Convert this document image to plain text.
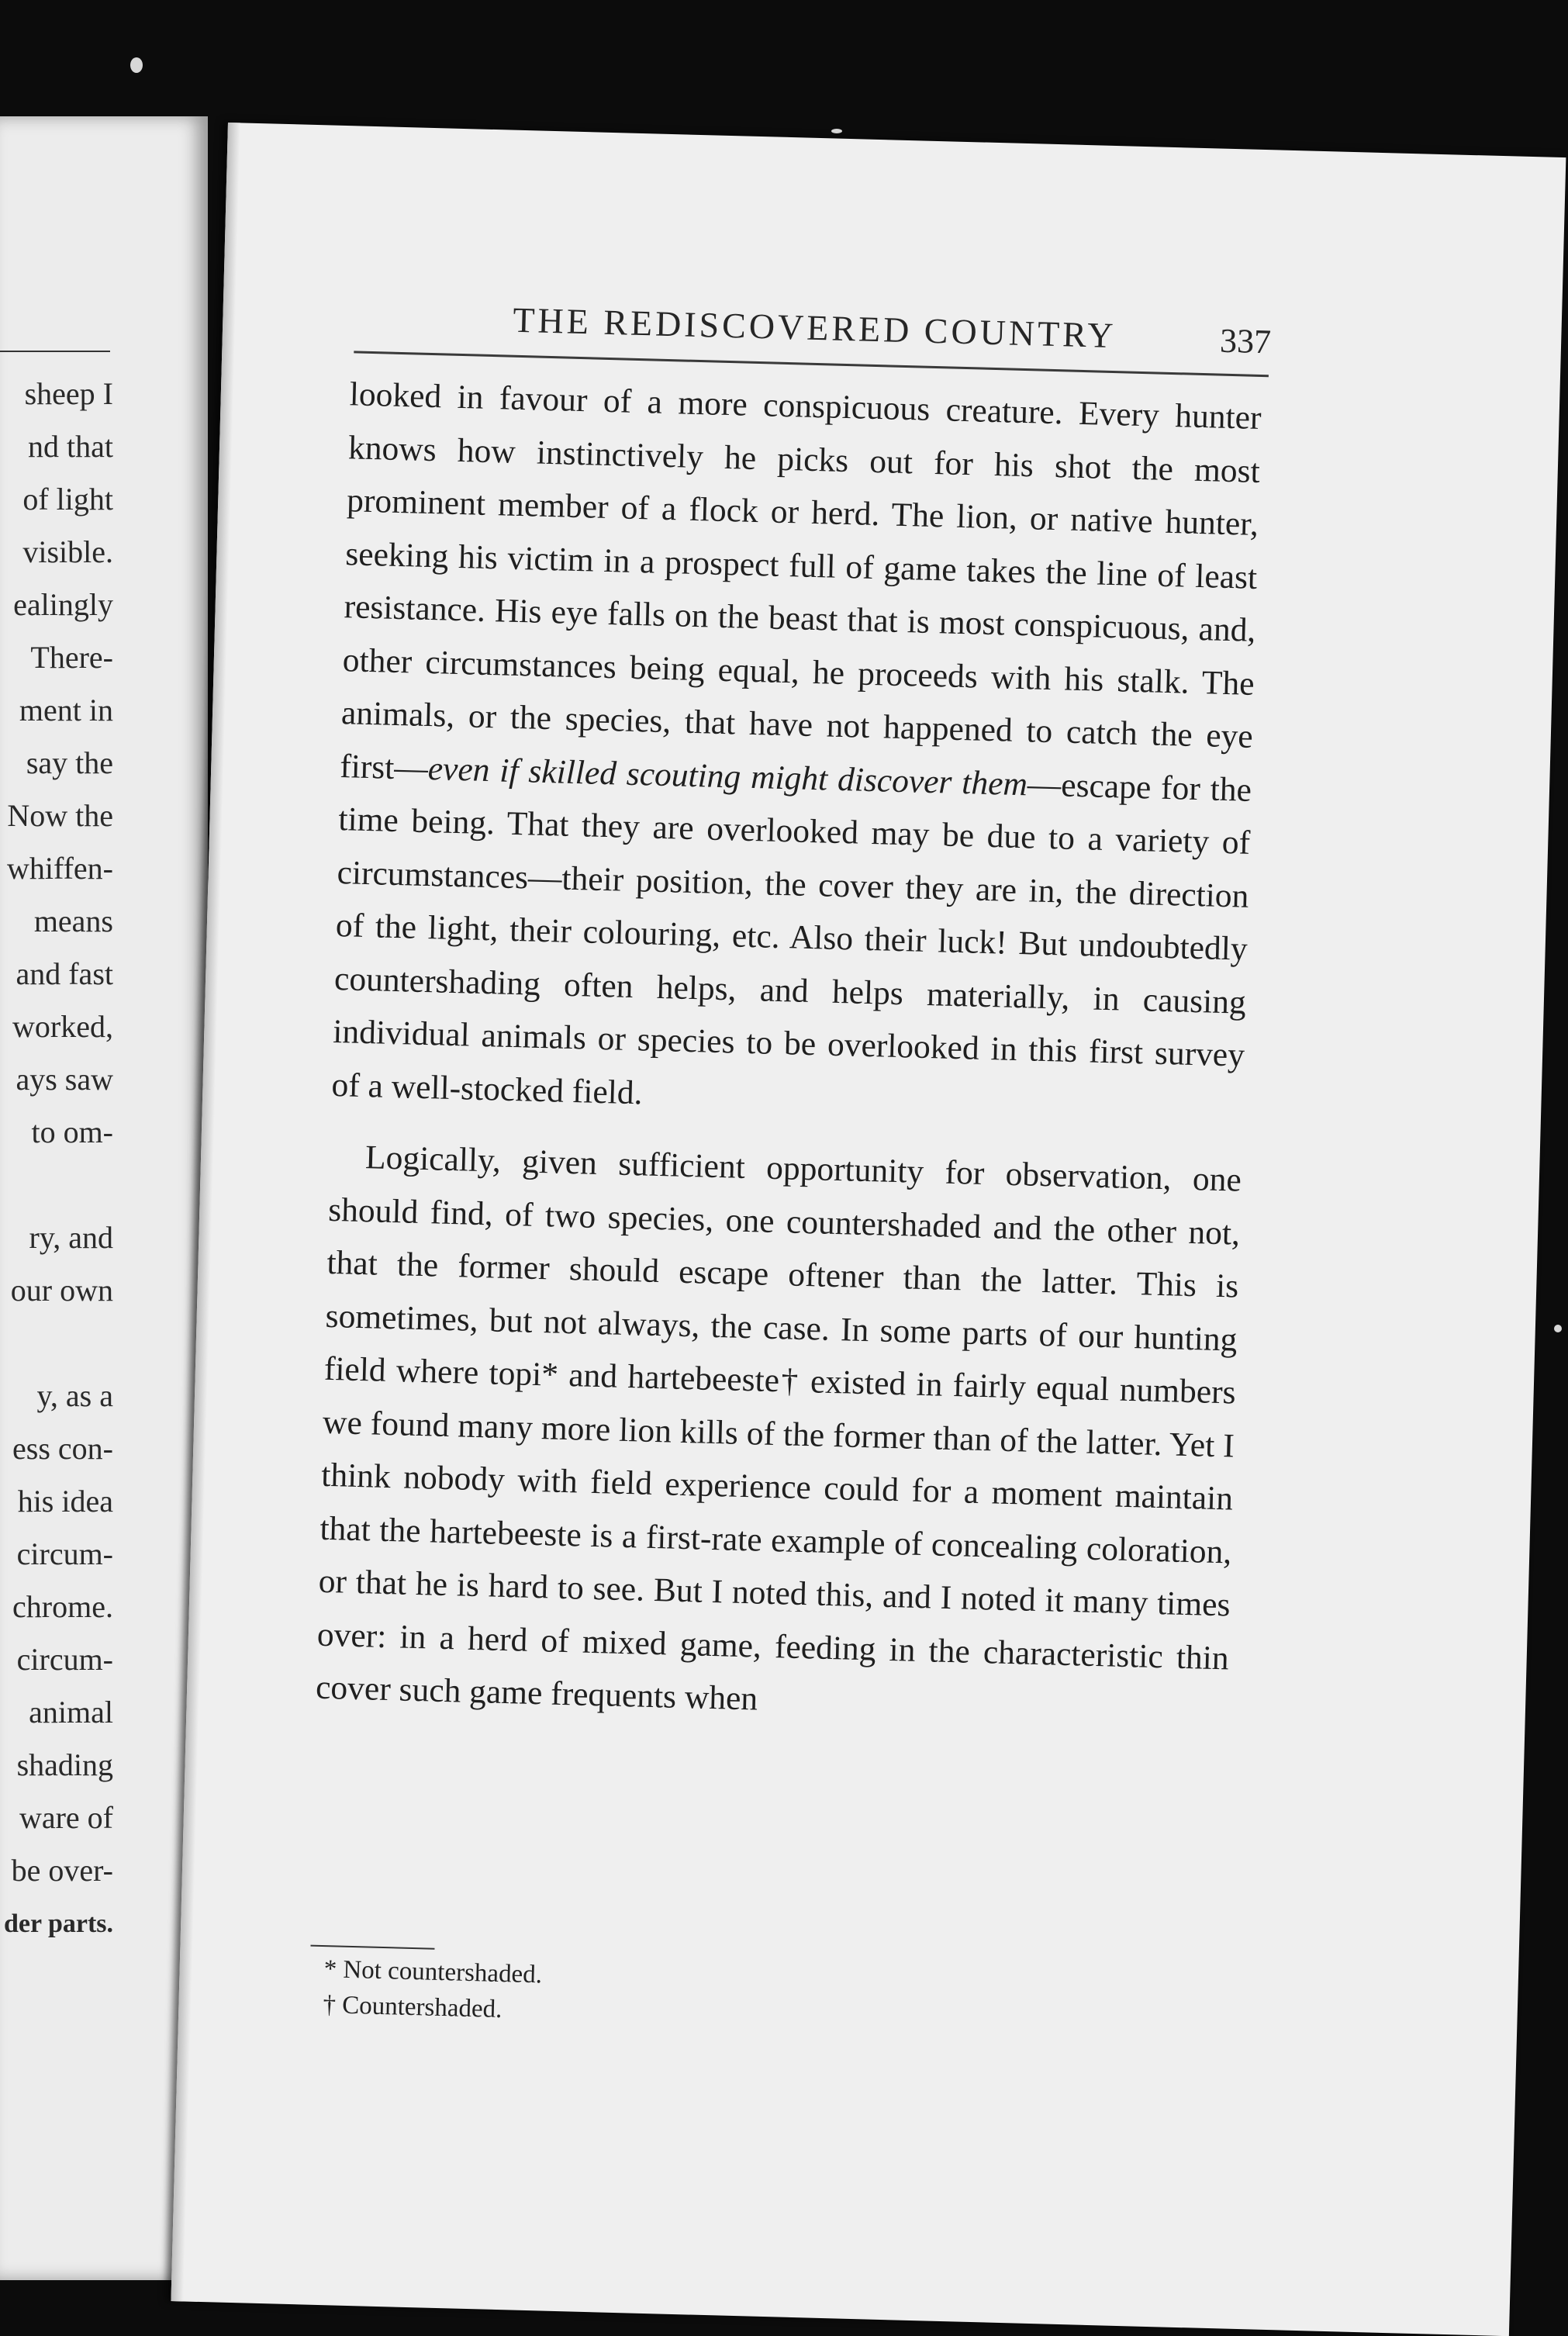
sheep I
nd that
of light
visible.
ealingly
There-
ment in
say the
Now the
whiffen-
means
and fast
worked,
ays saw
to om-
ry, and
our own
y, as a
ess con-
his idea
circum-
chrome.
circum-
animal
shading
ware of
be over-
der parts.
THE REDISCOVERED COUNTRY	337

looked in favour of a more conspicuous creature. Every hunter knows how instinctively he picks out for his shot the most prominent member of a flock or herd. The lion, or native hunter, seeking his victim in a prospect full of game takes the line of least resistance. His eye falls on the beast that is most conspicuous, and, other circumstances being equal, he proceeds with his stalk. The animals, or the species, that have not happened to catch the eye first—even if skilled scouting might discover them—escape for the time being. That they are overlooked may be due to a variety of circumstances—their position, the cover they are in, the direction of the light, their colouring, etc. Also their luck! But undoubtedly countershading often helps, and helps materially, in causing individual animals or species to be overlooked in this first survey of a well-stocked field.

Logically, given sufficient opportunity for observation, one should find, of two species, one countershaded and the other not, that the former should escape oftener than the latter. This is sometimes, but not always, the case. In some parts of our hunting field where topi* and hartebeeste† existed in fairly equal numbers we found many more lion kills of the former than of the latter. Yet I think nobody with field experience could for a moment maintain that the hartebeeste is a first-rate example of concealing coloration, or that he is hard to see. But I noted this, and I noted it many times over: in a herd of mixed game, feeding in the characteristic thin cover such game frequents when

* Not countershaded.
† Countershaded.
